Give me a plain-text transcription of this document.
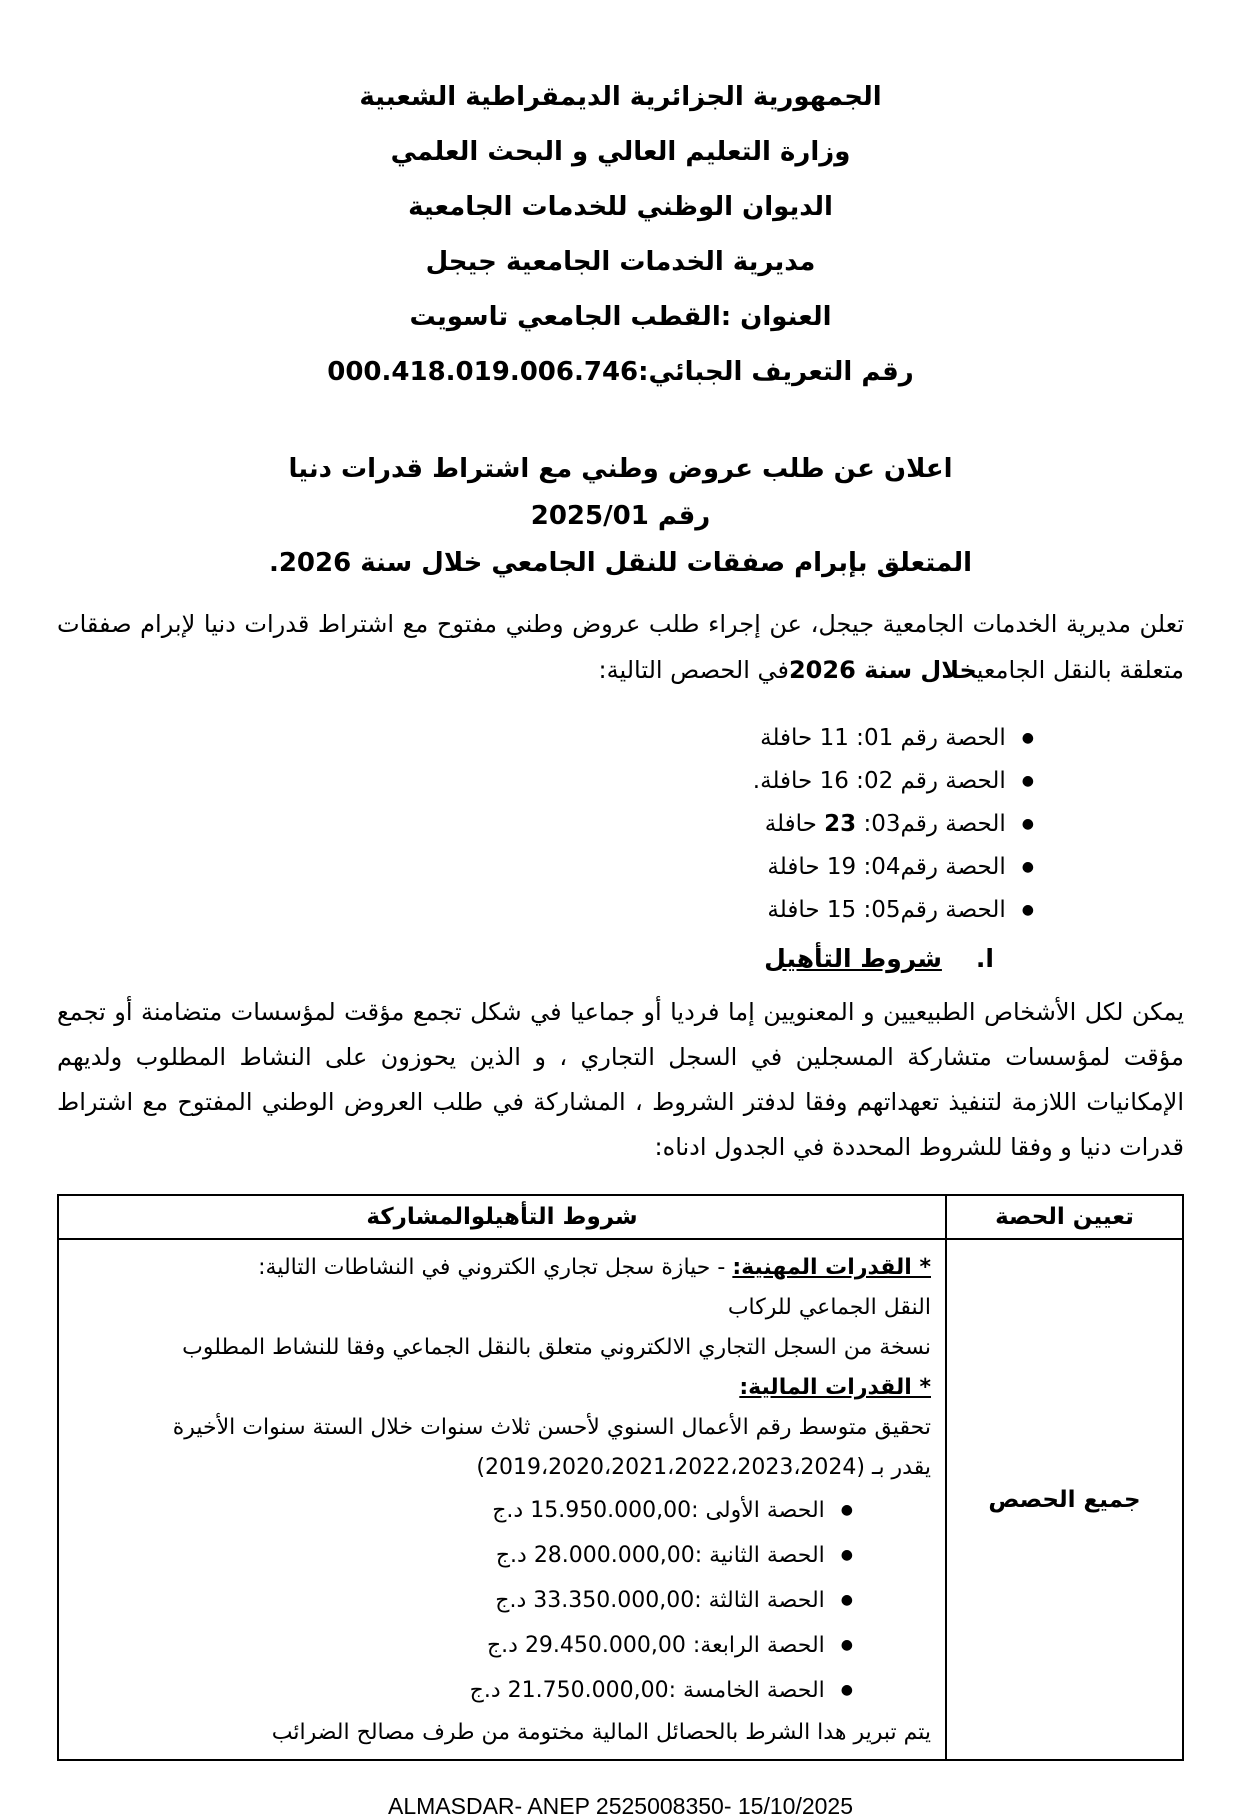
الجمهورية الجزائرية الديمقراطية الشعبية
وزارة التعليم العالي و البحث العلمي
الديوان الوظني للخدمات الجامعية
مديرية الخدمات الجامعية جيجل
العنوان :القطب الجامعي تاسويت
رقم التعريف الجبائي:000.418.019.006.746
اعلان عن طلب عروض وطني مع اشتراط قدرات دنيا
رقم 2025/01
المتعلق بإبرام صفقات للنقل الجامعي خلال سنة 2026.

تعلن مديرية الخدمات الجامعية جيجل، عن إجراء طلب عروض وطني مفتوح مع اشتراط قدرات دنيا لإبرام صفقات متعلقة بالنقل الجامعيخلال سنة 2026في الحصص التالية:

●الحصة رقم 01: 11 حافلة
●الحصة رقم 02: 16 حافلة.
●الحصة رقم03: 23 حافلة
●الحصة رقم04: 19 حافلة
●الحصة رقم05: 15 حافلة
ا.شروط التأهيل

يمكن لكل الأشخاص الطبيعيين و المعنويين إما فرديا أو جماعيا في شكل تجمع مؤقت لمؤسسات متضامنة أو تجمع مؤقت لمؤسسات متشاركة المسجلين في السجل التجاري ، و الذين يحوزون على النشاط المطلوب ولديهم الإمكانيات اللازمة لتنفيذ تعهداتهم وفقا لدفتر الشروط ، المشاركة في طلب العروض الوطني المفتوح مع اشتراط قدرات دنيا و وفقا للشروط المحددة في الجدول ادناه:

تعيين الحصة	شروط التأهيلوالمشاركة
جميع الحصص	
* القدرات المهنية: - حيازة سجل تجاري الكتروني في النشاطات التالية:
النقل الجماعي للركاب
نسخة من السجل التجاري الالكتروني متعلق بالنقل الجماعي وفقا للنشاط المطلوب
* القدرات المالية:
تحقيق متوسط رقم الأعمال السنوي لأحسن ثلاث سنوات خلال الستة سنوات الأخيرة
يقدر بـ (2019،2020،2021،2022،2023،2024)
●الحصة الأولى :15.950.000,00 د.ج
●الحصة الثانية :28.000.000,00 د.ج
●الحصة الثالثة :33.350.000,00 د.ج
●الحصة الرابعة: 29.450.000,00 د.ج
●الحصة الخامسة :21.750.000,00 د.ج
يتم تبرير هدا الشرط بالحصائل المالية مختومة من طرف مصالح الضرائب
ALMASDAR- ANEP 2525008350- 15/10/2025
